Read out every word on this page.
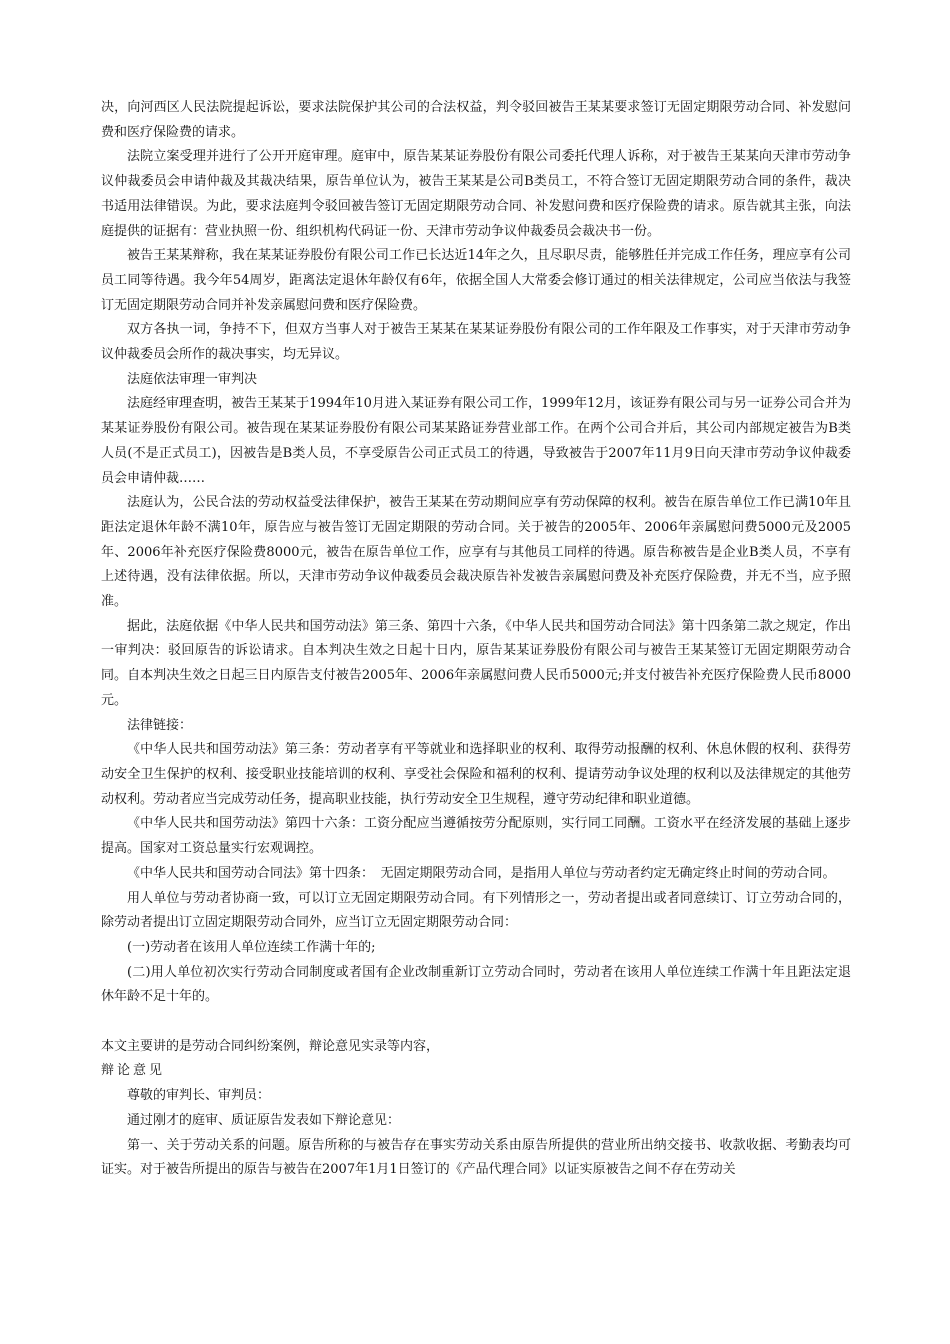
决，向河西区人民法院提起诉讼，要求法院保护其公司的合法权益，判令驳回被告王某某要求签订无固定期限劳动合同、补发慰问费和医疗保险费的请求。

法院立案受理并进行了公开开庭审理。庭审中，原告某某证券股份有限公司委托代理人诉称，对于被告王某某向天津市劳动争议仲裁委员会申请仲裁及其裁决结果，原告单位认为，被告王某某是公司B类员工，不符合签订无固定期限劳动合同的条件，裁决书适用法律错误。为此，要求法庭判令驳回被告签订无固定期限劳动合同、补发慰问费和医疗保险费的请求。原告就其主张，向法庭提供的证据有：营业执照一份、组织机构代码证一份、天津市劳动争议仲裁委员会裁决书一份。

被告王某某辩称，我在某某证券股份有限公司工作已长达近14年之久，且尽职尽责，能够胜任并完成工作任务，理应享有公司员工同等待遇。我今年54周岁，距离法定退休年龄仅有6年，依据全国人大常委会修订通过的相关法律规定，公司应当依法与我签订无固定期限劳动合同并补发亲属慰问费和医疗保险费。

双方各执一词，争持不下，但双方当事人对于被告王某某在某某证券股份有限公司的工作年限及工作事实，对于天津市劳动争议仲裁委员会所作的裁决事实，均无异议。

法庭依法审理一审判决

法庭经审理查明，被告王某某于1994年10月进入某证券有限公司工作，1999年12月，该证券有限公司与另一证券公司合并为某某证券股份有限公司。被告现在某某证券股份有限公司某某路证券营业部工作。在两个公司合并后，其公司内部规定被告为B类人员(不是正式员工)，因被告是B类人员，不享受原告公司正式员工的待遇，导致被告于2007年11月9日向天津市劳动争议仲裁委员会申请仲裁……

法庭认为，公民合法的劳动权益受法律保护，被告王某某在劳动期间应享有劳动保障的权利。被告在原告单位工作已满10年且距法定退休年龄不满10年，原告应与被告签订无固定期限的劳动合同。关于被告的2005年、2006年亲属慰问费5000元及2005年、2006年补充医疗保险费8000元，被告在原告单位工作，应享有与其他员工同样的待遇。原告称被告是企业B类人员，不享有上述待遇，没有法律依据。所以，天津市劳动争议仲裁委员会裁决原告补发被告亲属慰问费及补充医疗保险费，并无不当，应予照准。

据此，法庭依据《中华人民共和国劳动法》第三条、第四十六条，《中华人民共和国劳动合同法》第十四条第二款之规定，作出一审判决：驳回原告的诉讼请求。自本判决生效之日起十日内，原告某某证券股份有限公司与被告王某某签订无固定期限劳动合同。自本判决生效之日起三日内原告支付被告2005年、2006年亲属慰问费人民币5000元;并支付被告补充医疗保险费人民币8000元。

法律链接：

《中华人民共和国劳动法》第三条：劳动者享有平等就业和选择职业的权利、取得劳动报酬的权利、休息休假的权利、获得劳动安全卫生保护的权利、接受职业技能培训的权利、享受社会保险和福利的权利、提请劳动争议处理的权利以及法律规定的其他劳动权利。劳动者应当完成劳动任务，提高职业技能，执行劳动安全卫生规程，遵守劳动纪律和职业道德。

《中华人民共和国劳动法》第四十六条：工资分配应当遵循按劳分配原则，实行同工同酬。工资水平在经济发展的基础上逐步提高。国家对工资总量实行宏观调控。

《中华人民共和国劳动合同法》第十四条：　无固定期限劳动合同，是指用人单位与劳动者约定无确定终止时间的劳动合同。

用人单位与劳动者协商一致，可以订立无固定期限劳动合同。有下列情形之一，劳动者提出或者同意续订、订立劳动合同的，除劳动者提出订立固定期限劳动合同外，应当订立无固定期限劳动合同：

(一)劳动者在该用人单位连续工作满十年的;

(二)用人单位初次实行劳动合同制度或者国有企业改制重新订立劳动合同时，劳动者在该用人单位连续工作满十年且距法定退休年龄不足十年的。

本文主要讲的是劳动合同纠纷案例，辩论意见实录等内容，

辩论意见

尊敬的审判长、审判员：

通过刚才的庭审、质证原告发表如下辩论意见：

第一、关于劳动关系的问题。原告所称的与被告存在事实劳动关系由原告所提供的营业所出纳交接书、收款收据、考勤表均可证实。对于被告所提出的原告与被告在2007年1月1日签订的《产品代理合同》以证实原被告之间不存在劳动关
